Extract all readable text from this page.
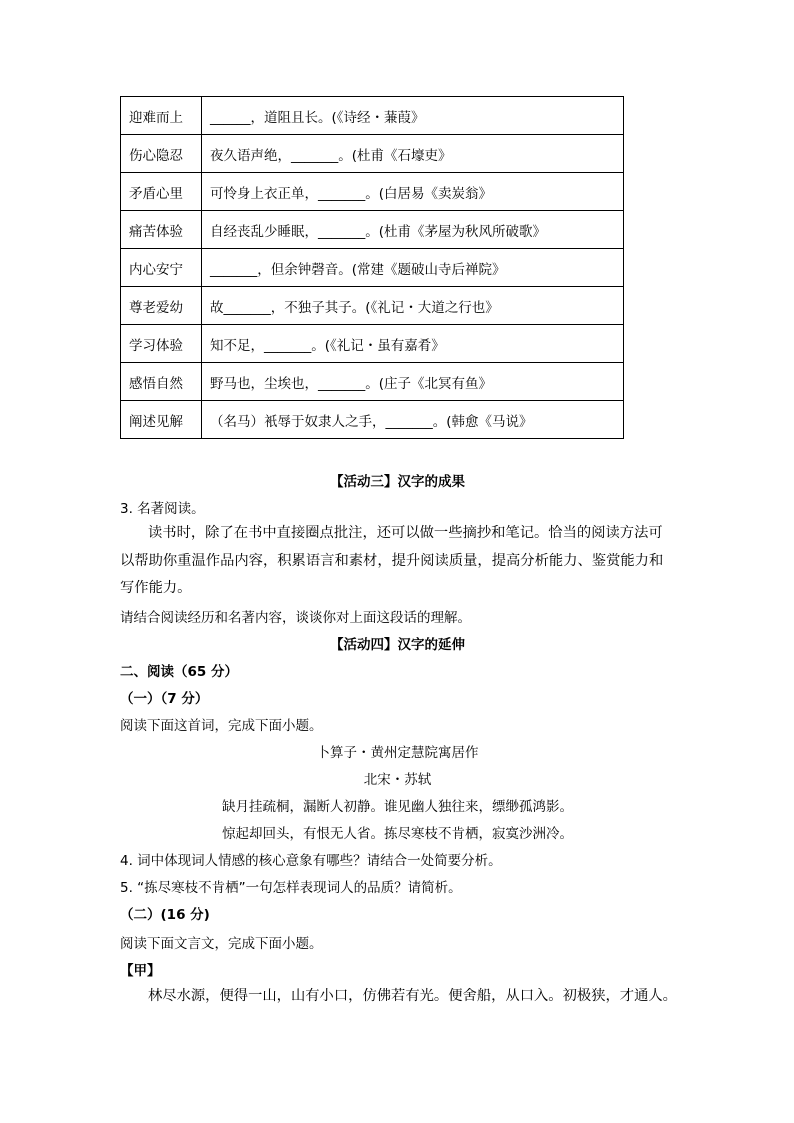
迎难而上	______，道阻且长。(《诗经・蒹葭》
伤心隐忍	夜久语声绝，_______。(杜甫《石壕吏》
矛盾心里	可怜身上衣正单，_______。(白居易《卖炭翁》
痛苦体验	自经丧乱少睡眠，_______。(杜甫《茅屋为秋风所破歌》
内心安宁	_______，但余钟磬音。(常建《题破山寺后禅院》
尊老爱幼	故_______，不独子其子。(《礼记・大道之行也》
学习体验	知不足，_______。(《礼记・虽有嘉肴》
感悟自然	野马也，尘埃也，_______。(庄子《北冥有鱼》
阐述见解	（名马）衹辱于奴隶人之手，_______。(韩愈《马说》
【活动三】汉字的成果
3. 名著阅读。
读书时，除了在书中直接圈点批注，还可以做一些摘抄和笔记。恰当的阅读方法可以帮助你重温作品内容，积累语言和素材，提升阅读质量，提高分析能力、鉴赏能力和写作能力。
请结合阅读经历和名著内容，谈谈你对上面这段话的理解。
【活动四】汉字的延伸
二、阅读（65 分）
（一）（7 分）
阅读下面这首词，完成下面小题。
卜算子・黄州定慧院寓居作
北宋・苏轼
缺月挂疏桐，漏断人初静。谁见幽人独往来，缥缈孤鸿影。
惊起却回头，有恨无人省。拣尽寒枝不肯栖，寂寞沙洲冷。
4. 词中体现词人情感的核心意象有哪些？请结合一处简要分析。
5. “拣尽寒枝不肯栖”一句怎样表现词人的品质？请简析。
（二）(16 分)
阅读下面文言文，完成下面小题。
【甲】
林尽水源，便得一山，山有小口，仿佛若有光。便舍船，从口入。初极狭，才通人。
